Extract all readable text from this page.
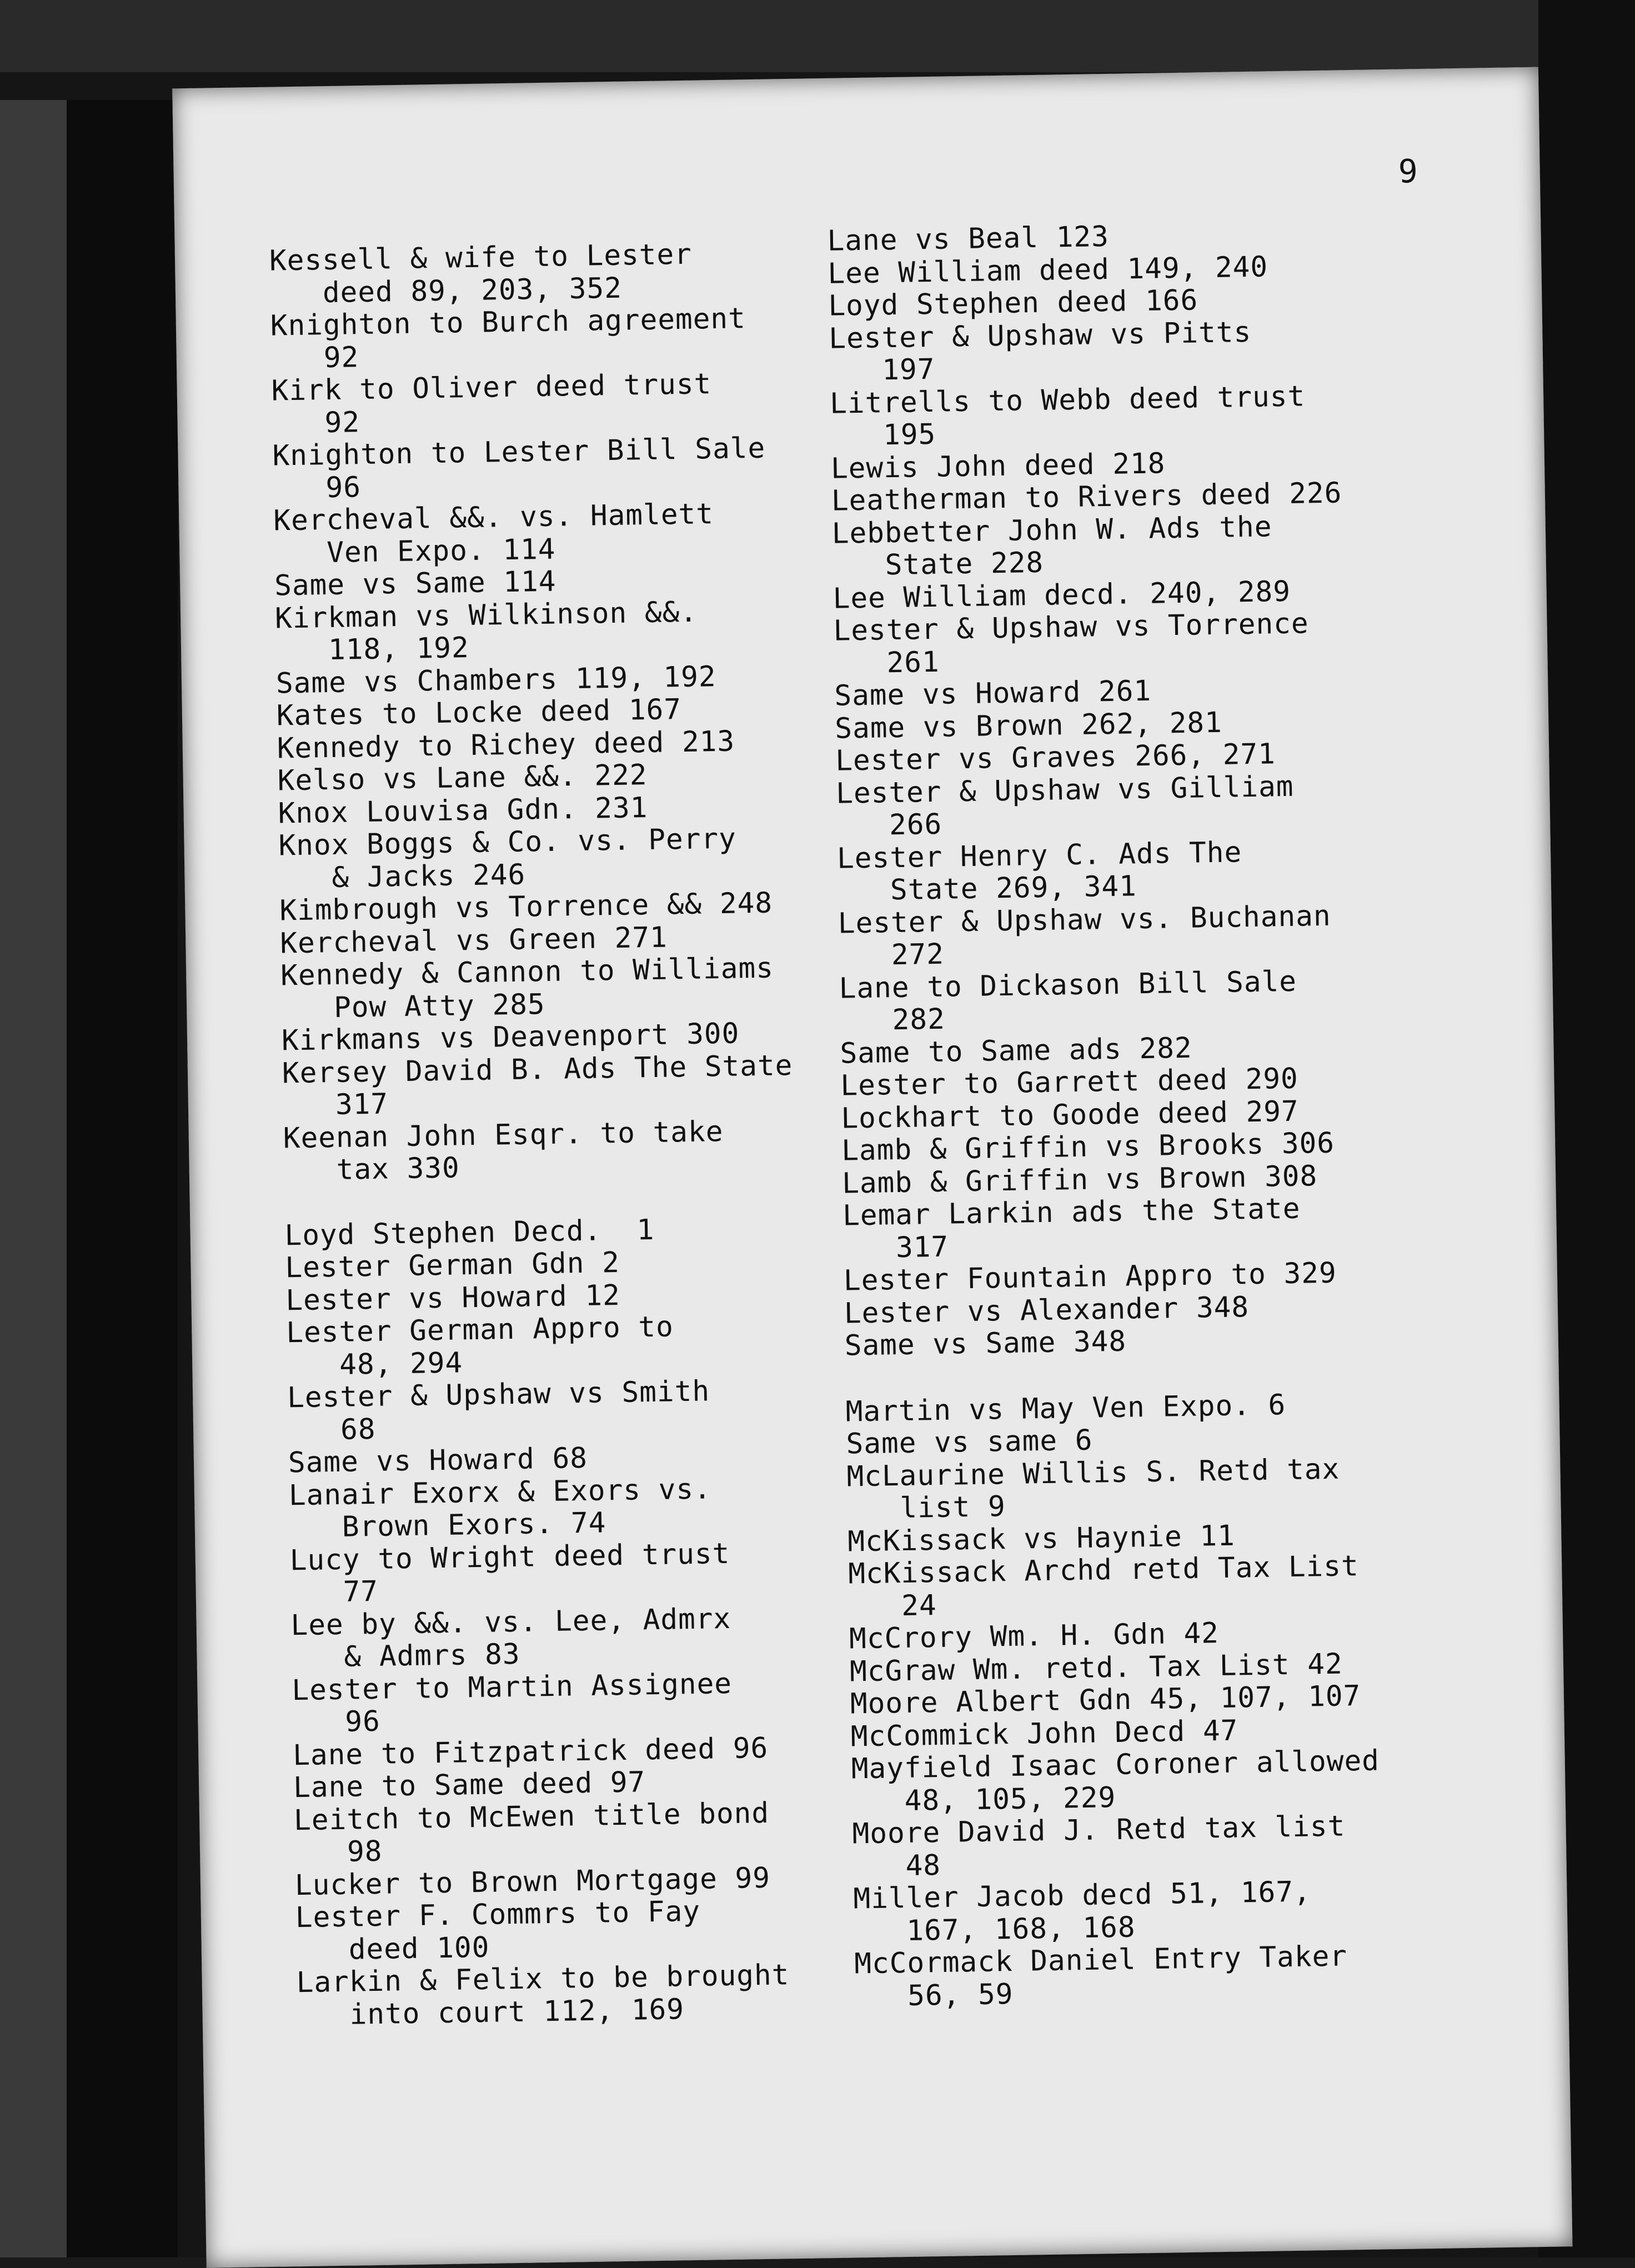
9
Kessell & wife to Lester
deed 89, 203, 352
Knighton to Burch agreement
92
Kirk to Oliver deed trust
92
Knighton to Lester Bill Sale
96
Kercheval &&. vs. Hamlett
Ven Expo. 114
Same vs Same 114
Kirkman vs Wilkinson &&.
118, 192
Same vs Chambers 119, 192
Kates to Locke deed 167
Kennedy to Richey deed 213
Kelso vs Lane &&. 222
Knox Louvisa Gdn. 231
Knox Boggs & Co. vs. Perry
& Jacks 246
Kimbrough vs Torrence && 248
Kercheval vs Green 271
Kennedy & Cannon to Williams
Pow Atty 285
Kirkmans vs Deavenport 300
Kersey David B. Ads The State
317
Keenan John Esqr. to take
tax 330
Loyd Stephen Decd.  1
Lester German Gdn 2
Lester vs Howard 12
Lester German Appro to
48, 294
Lester & Upshaw vs Smith
68
Same vs Howard 68
Lanair Exorx & Exors vs.
Brown Exors. 74
Lucy to Wright deed trust
77
Lee by &&. vs. Lee, Admrx
& Admrs 83
Lester to Martin Assignee
96
Lane to Fitzpatrick deed 96
Lane to Same deed 97
Leitch to McEwen title bond
98
Lucker to Brown Mortgage 99
Lester F. Commrs to Fay
deed 100
Larkin & Felix to be brought
into court 112, 169
Lane vs Beal 123
Lee William deed 149, 240
Loyd Stephen deed 166
Lester & Upshaw vs Pitts
197
Litrells to Webb deed trust
195
Lewis John deed 218
Leatherman to Rivers deed 226
Lebbetter John W. Ads the
State 228
Lee William decd. 240, 289
Lester & Upshaw vs Torrence
261
Same vs Howard 261
Same vs Brown 262, 281
Lester vs Graves 266, 271
Lester & Upshaw vs Gilliam
266
Lester Henry C. Ads The
State 269, 341
Lester & Upshaw vs. Buchanan
272
Lane to Dickason Bill Sale
282
Same to Same ads 282
Lester to Garrett deed 290
Lockhart to Goode deed 297
Lamb & Griffin vs Brooks 306
Lamb & Griffin vs Brown 308
Lemar Larkin ads the State
317
Lester Fountain Appro to 329
Lester vs Alexander 348
Same vs Same 348
Martin vs May Ven Expo. 6
Same vs same 6
McLaurine Willis S. Retd tax
list 9
McKissack vs Haynie 11
McKissack Archd retd Tax List
24
McCrory Wm. H. Gdn 42
McGraw Wm. retd. Tax List 42
Moore Albert Gdn 45, 107, 107
McCommick John Decd 47
Mayfield Isaac Coroner allowed
48, 105, 229
Moore David J. Retd tax list
48
Miller Jacob decd 51, 167,
167, 168, 168
McCormack Daniel Entry Taker
56, 59
